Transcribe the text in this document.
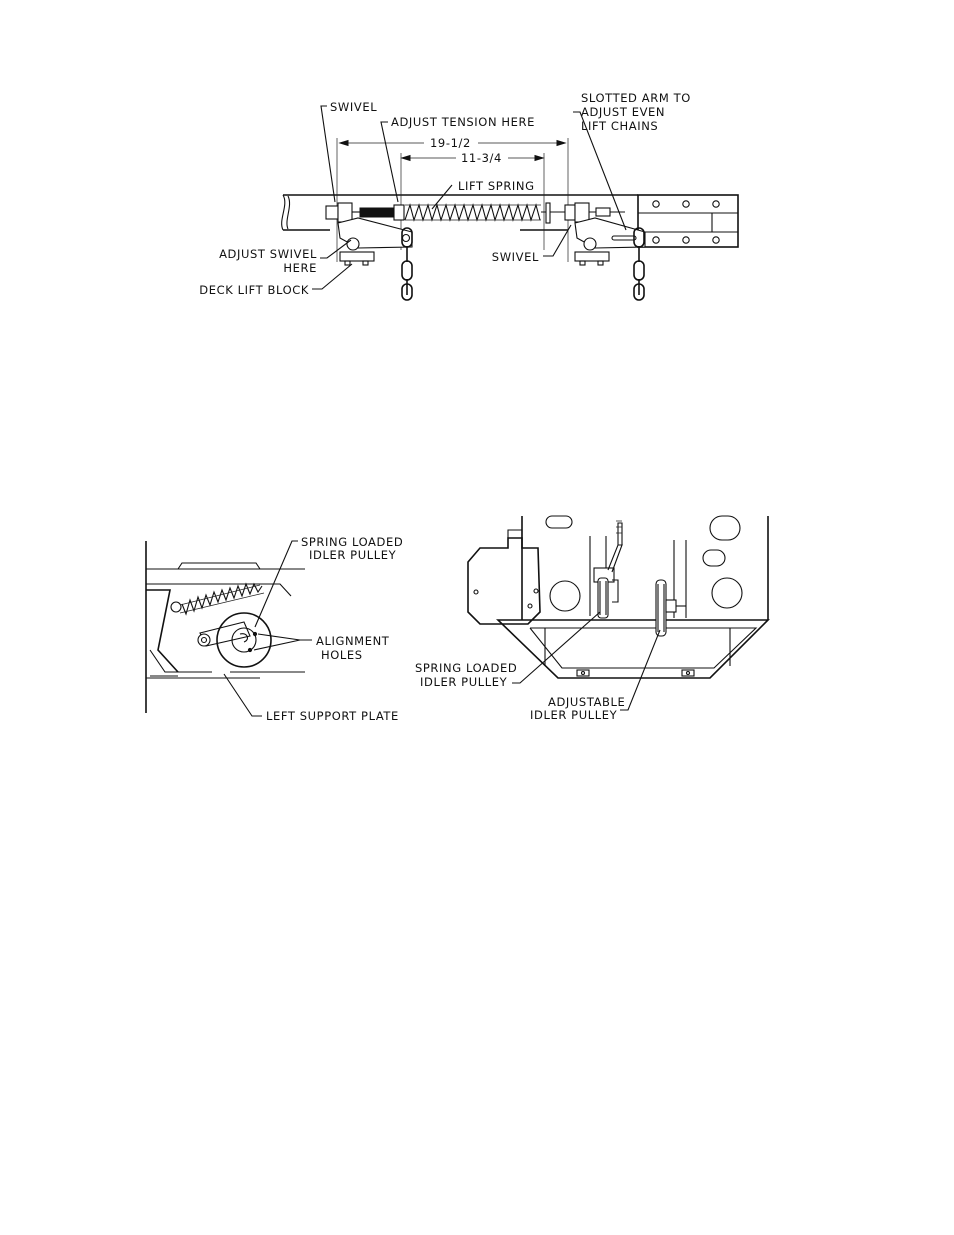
SWIVEL
ADJUST TENSION HERE
SLOTTED ARM TO
ADJUST EVEN
LIFT CHAINS
19-1/2
11-3/4
LIFT SPRING
ADJUST SWIVEL
HERE
SWIVEL
DECK LIFT BLOCK
SPRING LOADED
IDLER PULLEY
ALIGNMENT
HOLES
LEFT SUPPORT PLATE
SPRING LOADED
IDLER PULLEY
ADJUSTABLE
IDLER PULLEY
